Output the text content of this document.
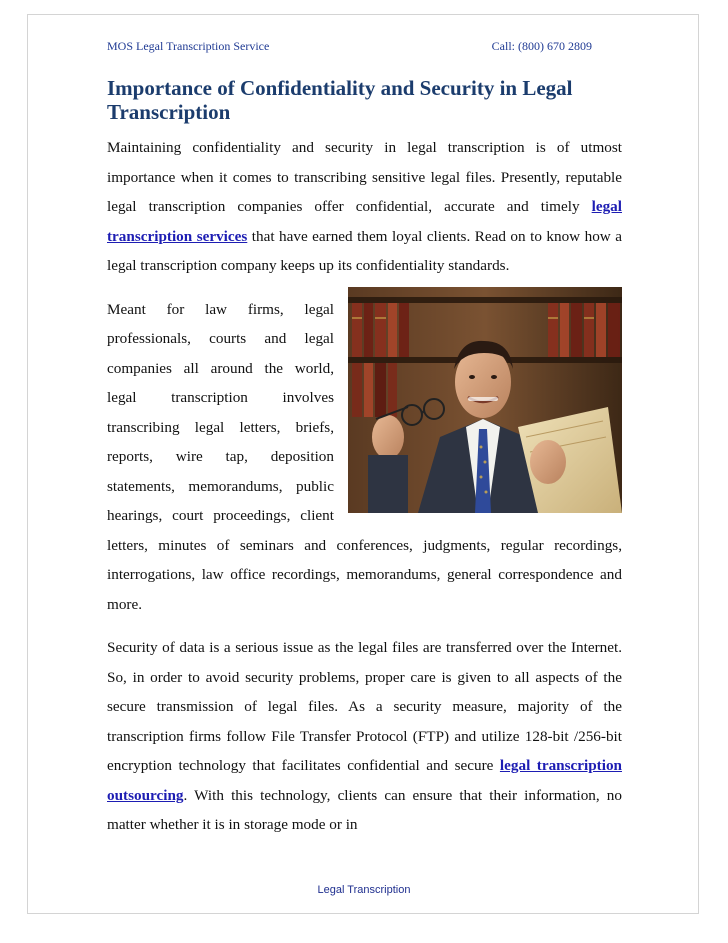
MOS Legal Transcription Service	Call: (800) 670 2809
Importance of Confidentiality and Security in Legal Transcription

Maintaining confidentiality and security in legal transcription is of utmost importance when it comes to transcribing sensitive legal files. Presently, reputable legal transcription companies offer confidential, accurate and timely legal transcription services that have earned them loyal clients. Read on to know how a legal transcription company keeps up its confidentiality standards.

Meant for law firms, legal professionals, courts and legal companies all around the world, legal transcription involves transcribing legal letters, briefs, reports, wire tap, deposition statements, memorandums, public hearings, court proceedings, client letters, minutes of seminars and conferences, judgments, regular recordings, interrogations, law office recordings, memorandums, general correspondence and more.

Security of data is a serious issue as the legal files are transferred over the Internet. So, in order to avoid security problems, proper care is given to all aspects of the secure transmission of legal files. As a security measure, majority of the transcription firms follow File Transfer Protocol (FTP) and utilize 128-bit /256-bit encryption technology that facilitates confidential and secure legal transcription outsourcing. With this technology, clients can ensure that their information, no matter whether it is in storage mode or in

Legal Transcription
